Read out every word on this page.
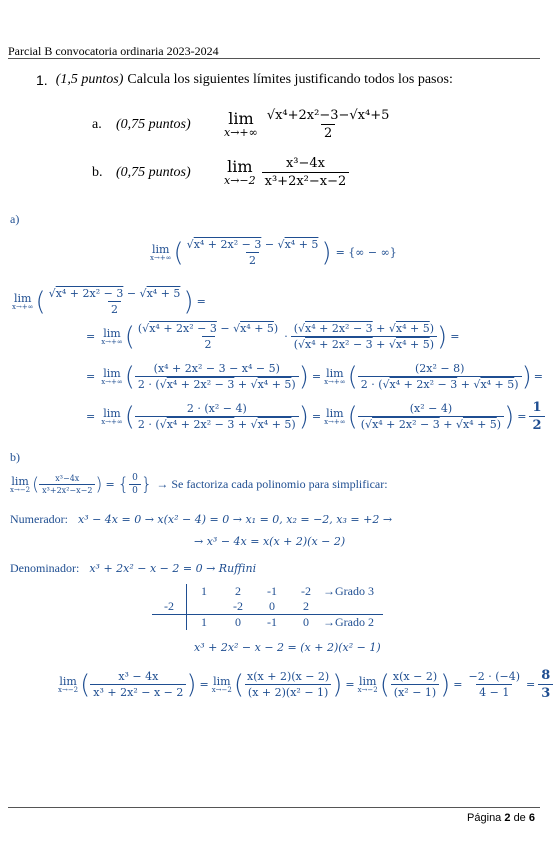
Parcial B convocatoria ordinaria 2023-2024
1. (1,5 puntos) Calcula los siguientes límites justificando todos los pasos:
a.	(0,75 puntos)	lim
$x\to+\infty \frac{\text{√x⁴+2x²−3−√x⁴+5}}{2}$
b. (0,75 puntos)	lim
$x\to-2 \frac{\text{x³−4x}}{\text{x³+2x²−x−2}}$
a)
lim
x→+∞ ( $\frac{\text{√x⁴ + 2x² − 3 − √x⁴ + 5}}{2}$ ) = {∞ − ∞}
lim
x→+∞ ( $\frac{\text{√x⁴ + 2x² − 3 − √x⁴ + 5}}{2}$ ) =
= lim
x→+∞ ( $\frac{\text{(√x⁴ + 2x² − 3 − √x⁴ + 5)}}{2} \cdot \frac{\text{(√x⁴ + 2x² − 3 + √x⁴ + 5)}}{\text{(√x⁴ + 2x² − 3 + √x⁴ + 5)}}$ ) =
= lim
x→+∞ ( $\frac{\text{(x⁴ + 2x² − 3 − x⁴ − 5)}}{\text{2 · (√x⁴ + 2x² − 3 + √x⁴ + 5)}}$ ) = lim
x→+∞ ( $\frac{\text{(2x² − 8)}}{\text{2 · (√x⁴ + 2x² − 3 + √x⁴ + 5)}}$ ) =
= lim
x→+∞ ( $\frac{\text{2 · (x² − 4)}}{\text{2 · (√x⁴ + 2x² − 3 + √x⁴ + 5)}}$ ) = lim
x→+∞ ( $\frac{\text{(x² − 4)}}{\text{(√x⁴ + 2x² − 3 + √x⁴ + 5)}}$ ) = $\frac{1}{2}$
b)
lim
x→−2 ( $\frac{\text{x³−4x}}{\text{x³+2x²−x−2}}$ ) = { $\frac{0}{0}$ } → Se factoriza cada polinomio para simplificar:
Numerador: x³ − 4x = 0 → x(x² − 4) = 0 → x₁ = 0, x₂ = −2, x₃ = +2 →
→ x³ − 4x = x(x + 2)(x − 2)
Denominador: x³ + 2x² − x − 2 = 0 → Ruffini
	1	2	-1	-2	→Grado 3
-2		-2	0	2	
	1	0	-1	0	→Grado 2
x³ + 2x² − x − 2 = (x + 2)(x² − 1)
lim
x→−2 ( $\frac{\text{x³ − 4x}}{\text{x³ + 2x² − x − 2}}$ ) = lim
x→−2 ( $\frac{x(x + 2)(x - 2)}{\text{(x + 2)(x² − 1)}}$ ) = lim
x→−2 ( $\frac{x(x - 2)}{\text{(x² − 1)}}$ ) = $\frac{-2 \cdot (-4)}{4 - 1} = \frac{8}{3}$
Página 2 de 6
